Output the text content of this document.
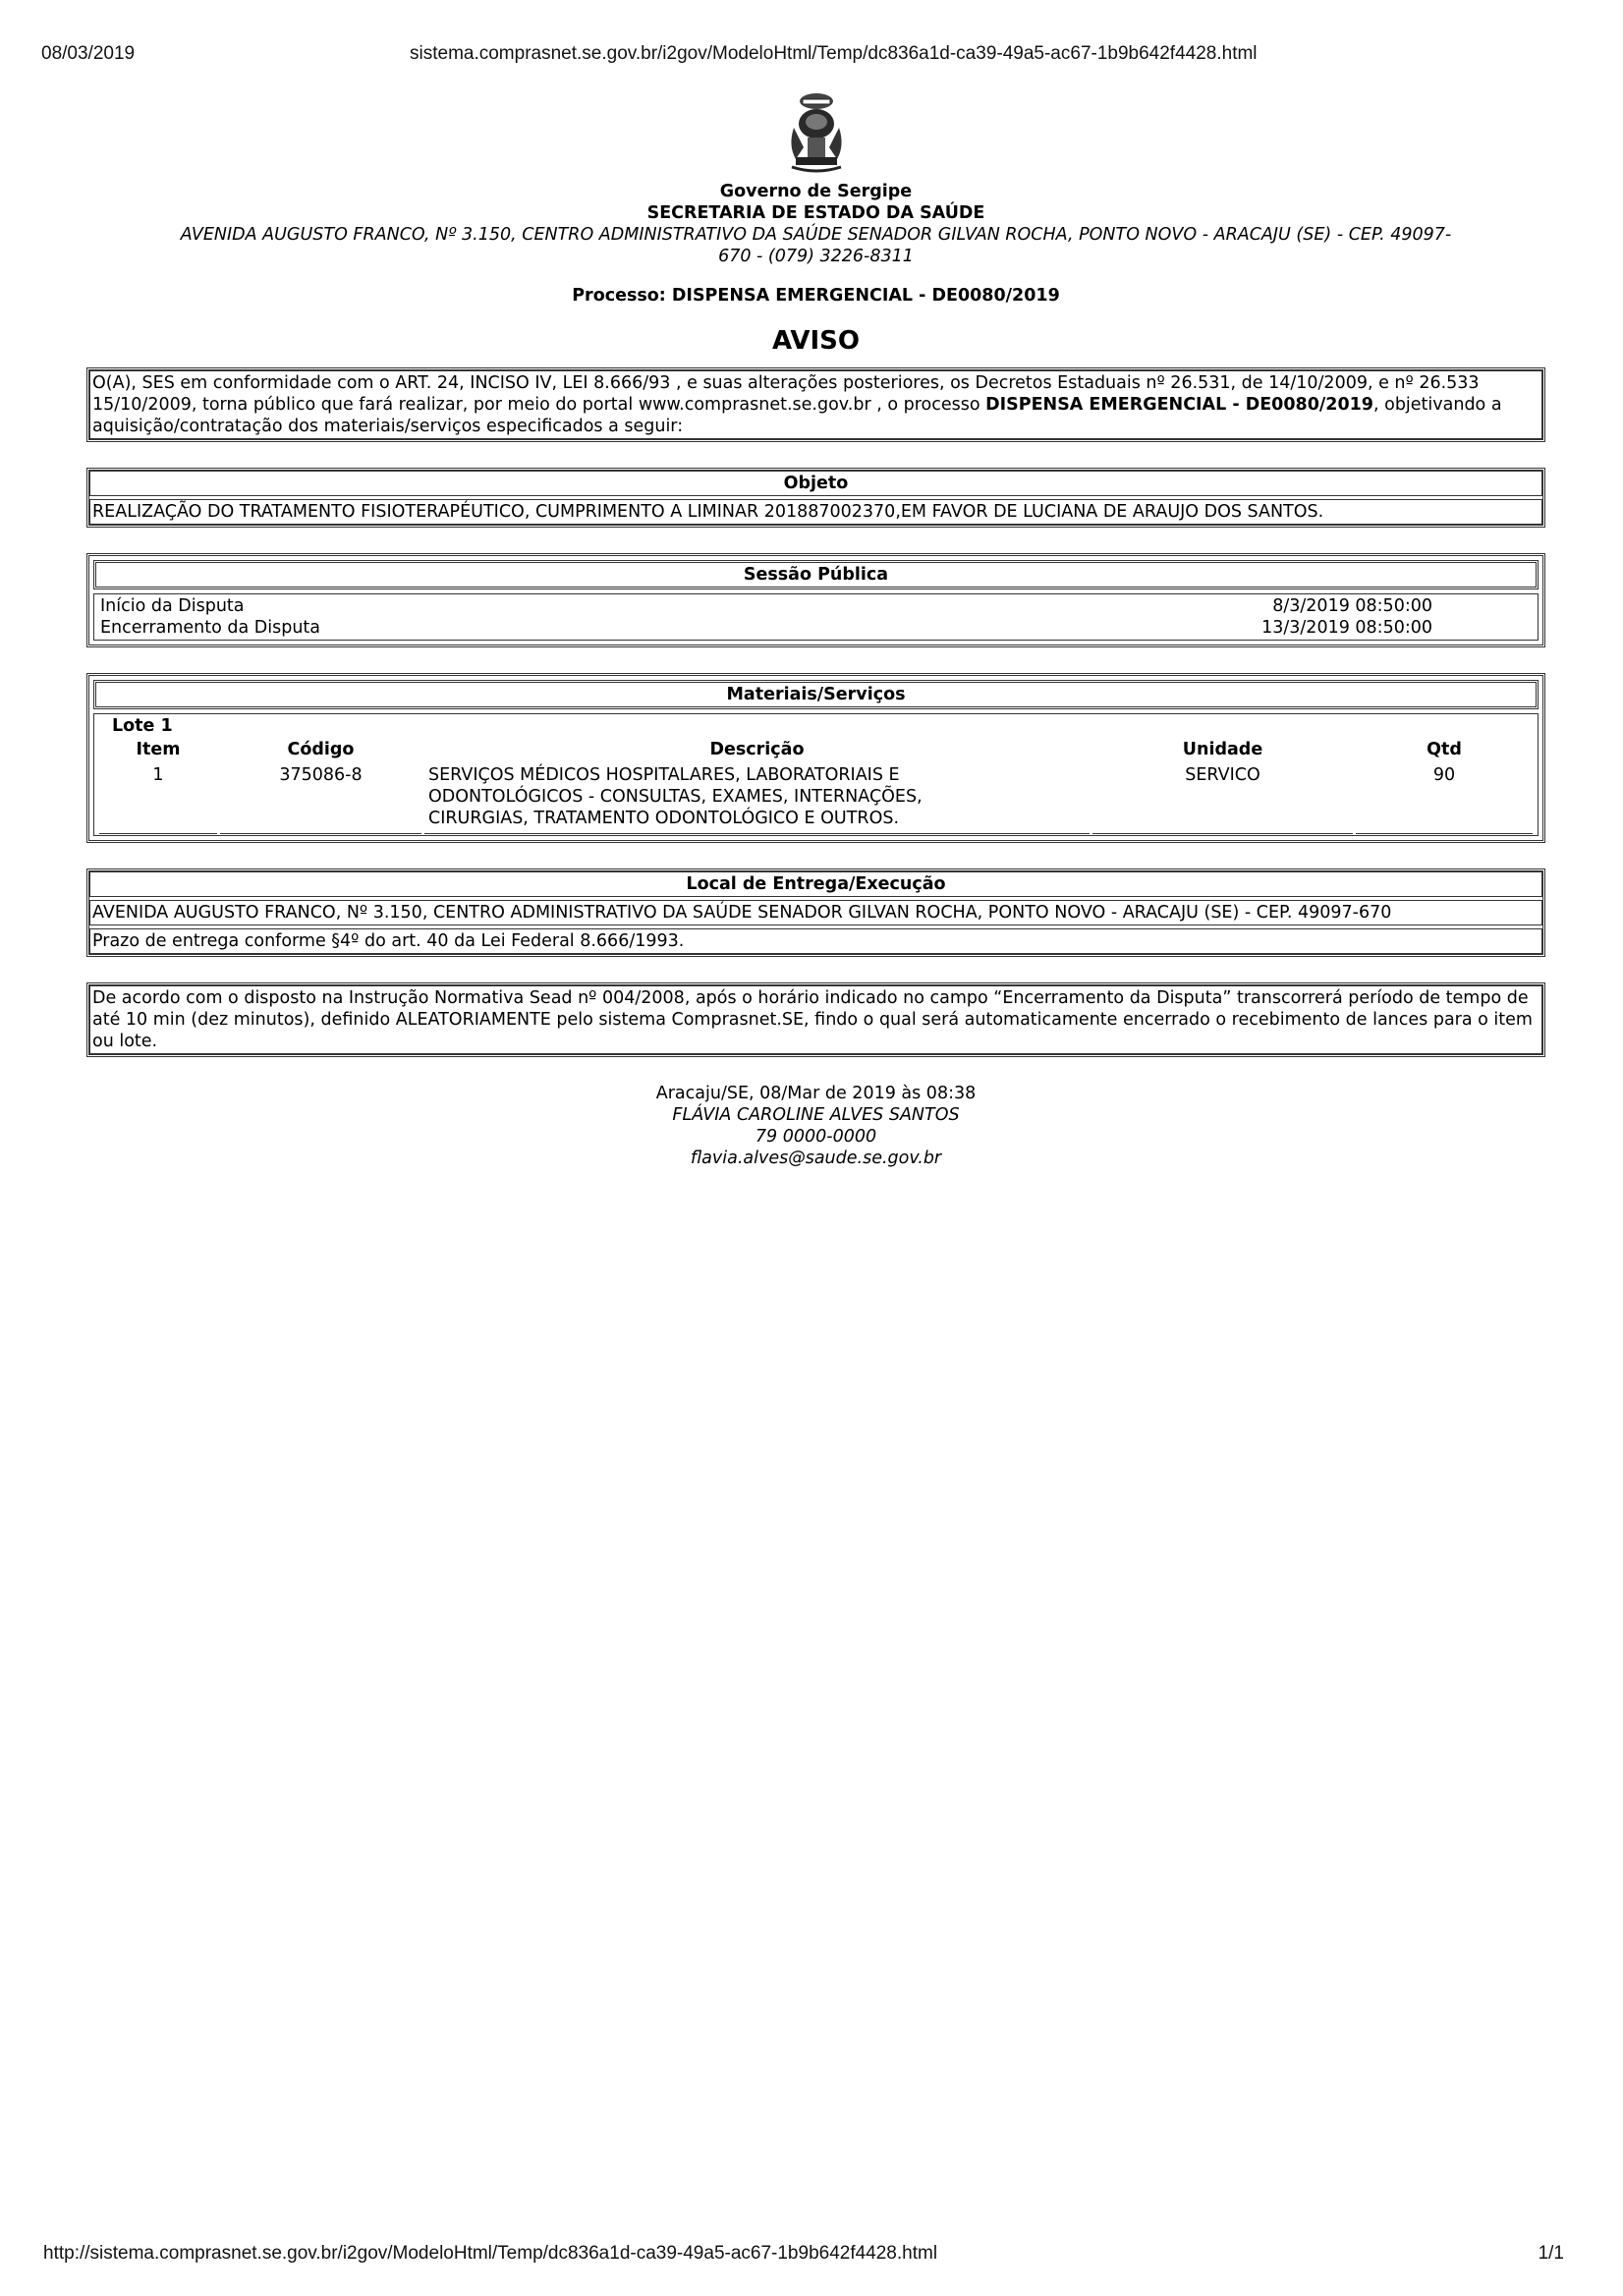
08/03/2019	sistema.comprasnet.se.gov.br/i2gov/ModeloHtml/Temp/dc836a1d-ca39-49a5-ac67-1b9b642f4428.html
Governo de Sergipe
SECRETARIA DE ESTADO DA SAÚDE
AVENIDA AUGUSTO FRANCO, Nº 3.150, CENTRO ADMINISTRATIVO DA SAÚDE SENADOR GILVAN ROCHA, PONTO NOVO - ARACAJU (SE) - CEP. 49097-
670 - (079) 3226-8311
Processo: DISPENSA EMERGENCIAL - DE0080/2019
AVISO
O(A), SES em conformidade com o ART. 24, INCISO IV, LEI 8.666/93 , e suas alterações posteriores, os Decretos Estaduais nº 26.531, de 14/10/2009, e nº 26.533 15/10/2009, torna público que fará realizar, por meio do portal www.comprasnet.se.gov.br , o processo DISPENSA EMERGENCIAL - DE0080/2019, objetivando a aquisição/contratação dos materiais/serviços especificados a seguir:
Objeto
REALIZAÇÃO DO TRATAMENTO FISIOTERAPÉUTICO, CUMPRIMENTO A LIMINAR 201887002370,EM FAVOR DE LUCIANA DE ARAUJO DOS SANTOS.
Sessão Pública
Início da Disputa	8/3/2019 08:50:00
Encerramento da Disputa	13/3/2019 08:50:00
Materiais/Serviços
Lote 1
Item	Código	Descrição	Unidade	Qtd
1	375086-8	SERVIÇOS MÉDICOS HOSPITALARES, LABORATORIAIS E
ODONTOLÓGICOS - CONSULTAS, EXAMES, INTERNAÇÕES,
CIRURGIAS, TRATAMENTO ODONTOLÓGICO E OUTROS.	SERVICO	90
Local de Entrega/Execução
AVENIDA AUGUSTO FRANCO, Nº 3.150, CENTRO ADMINISTRATIVO DA SAÚDE SENADOR GILVAN ROCHA, PONTO NOVO - ARACAJU (SE) - CEP. 49097-670
Prazo de entrega conforme §4º do art. 40 da Lei Federal 8.666/1993.
De acordo com o disposto na Instrução Normativa Sead nº 004/2008, após o horário indicado no campo “Encerramento da Disputa” transcorrerá período de tempo de até 10 min (dez minutos), definido ALEATORIAMENTE pelo sistema Comprasnet.SE, findo o qual será automaticamente encerrado o recebimento de lances para o item ou lote.
Aracaju/SE, 08/Mar de 2019 às 08:38
FLÁVIA CAROLINE ALVES SANTOS
79 0000-0000
flavia.alves@saude.se.gov.br
http://sistema.comprasnet.se.gov.br/i2gov/ModeloHtml/Temp/dc836a1d-ca39-49a5-ac67-1b9b642f4428.html	1/1
